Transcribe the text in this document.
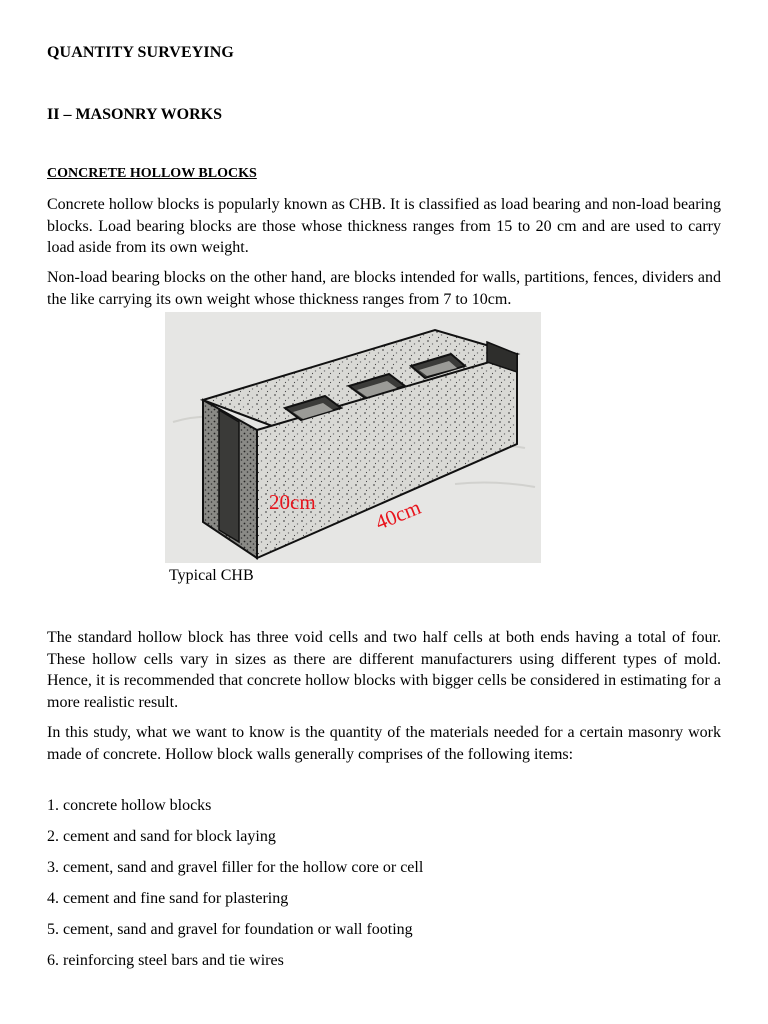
QUANTITY SURVEYING
II – MASONRY WORKS
CONCRETE HOLLOW BLOCKS

Concrete hollow blocks is popularly known as CHB. It is classified as load bearing and non-load bearing blocks. Load bearing blocks are those whose thickness ranges from 15 to 20 cm and are used to carry load aside from its own weight.

Non-load bearing blocks on the other hand, are blocks intended for walls, partitions, fences, dividers and the like carrying its own weight whose thickness ranges from 7 to 10cm.

20cm	40cm
Typical CHB

The standard hollow block has three void cells and two half cells at both ends having a total of four. These hollow cells vary in sizes as there are different manufacturers using different types of mold. Hence, it is recommended that concrete hollow blocks with bigger cells be considered in estimating for a more realistic result.

In this study, what we want to know is the quantity of the materials needed for a certain masonry work made of concrete. Hollow block walls generally comprises of the following items:

1. concrete hollow blocks
2. cement and sand for block laying
3. cement, sand and gravel filler for the hollow core or cell
4. cement and fine sand for plastering
5. cement, sand and gravel for foundation or wall footing
6. reinforcing steel bars and tie wires
